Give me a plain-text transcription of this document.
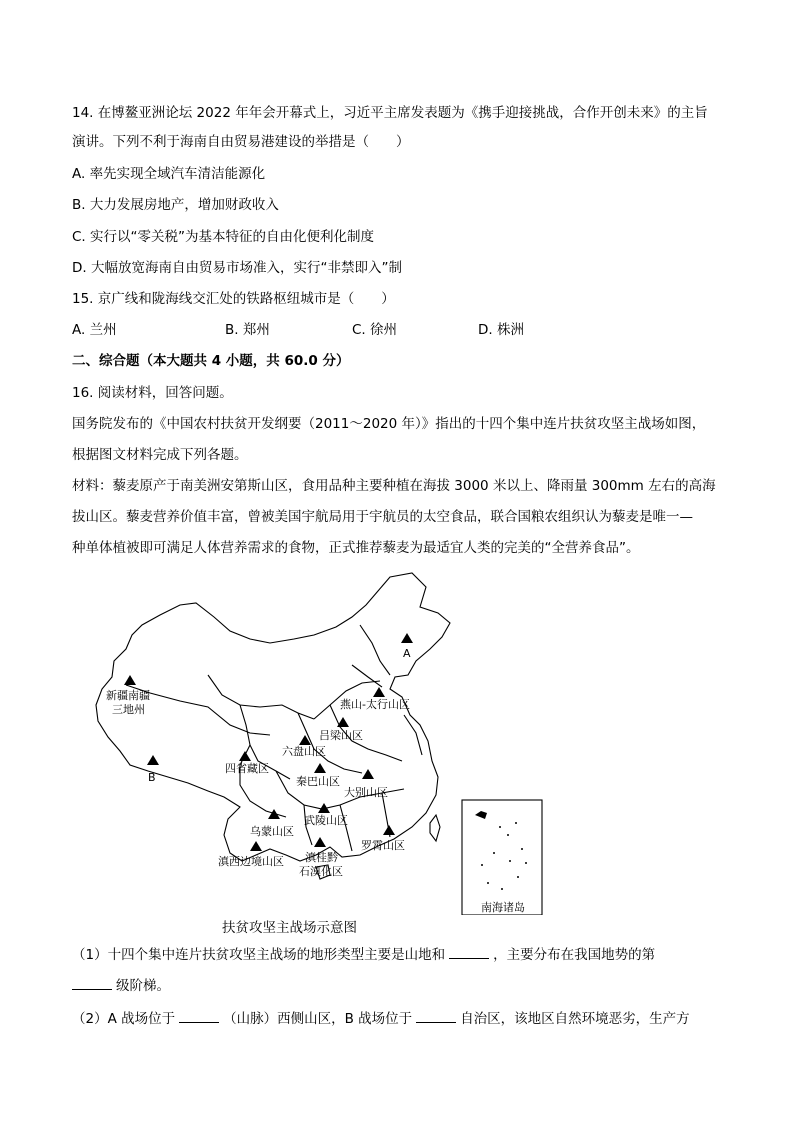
14. 在博鳌亚洲论坛 2022 年年会开幕式上，习近平主席发表题为《携手迎接挑战，合作开创未来》的主旨
演讲。下列不利于海南自由贸易港建设的举措是（　　）
A. 率先实现全域汽车清洁能源化
B. 大力发展房地产，增加财政收入
C. 实行以“零关税”为基本特征的自由化便利化制度
D. 大幅放宽海南自由贸易市场准入，实行“非禁即入”制
15. 京广线和陇海线交汇处的铁路枢纽城市是（　　）
A. 兰州	B. 郑州	C. 徐州	D. 株洲
二、综合题（本大题共 4 小题，共 60.0 分）
16. 阅读材料，回答问题。
国务院发布的《中国农村扶贫开发纲要（2011～2020 年）》指出的十四个集中连片扶贫攻坚主战场如图，
根据图文材料完成下列各题。
材料：藜麦原产于南美洲安第斯山区，食用品种主要种植在海拔 3000 米以上、降雨量 300mm 左右的高海
拔山区。藜麦营养价值丰富，曾被美国宇航局用于宇航员的太空食品，联合国粮农组织认为藜麦是唯一—
种单体植被即可满足人体营养需求的食物，正式推荐藜麦为最适宜人类的完美的“全营养食品”。
A
B
新疆南疆
三地州	燕山-太行山区
吕梁山区
六盘山区
四省藏区
秦巴山区
大别山区
武陵山区
乌蒙山区
罗霄山区
滇西边境山区 滇桂黔
石漠化区
南海诸岛
扶贫攻坚主战场示意图
（1）十四个集中连片扶贫攻坚主战场的地形类型主要是山地和	，主要分布在我国地势的第
级阶梯。
（2）A 战场位于	（山脉）西侧山区，B 战场位于	自治区，该地区自然环境恶劣，生产方
